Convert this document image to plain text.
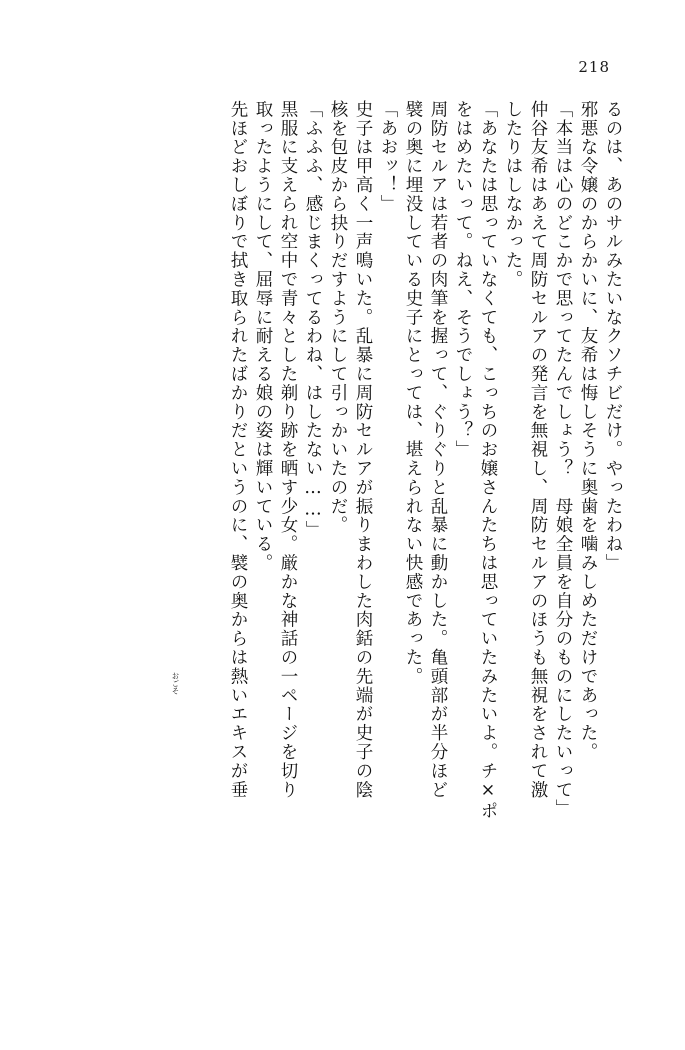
218
るのは、あのサルみたいなクソチビだけ。やったわね」
邪悪な令嬢のからかいに、友希は悔しそうに奥歯を噛みしめただけであった。
「本当は心のどこかで思ってたんでしょう？　母娘全員を自分のものにしたいって」
仲谷友希はあえて周防セルアの発言を無視し、周防セルアのほうも無視をされて激
したりはしなかった。
「あなたは思っていなくても、こっちのお嬢さんたちは思っていたみたいよ。チ×ポ
をはめたいって。ねえ、そうでしょう？」
周防セルアは若者の肉筆を握って、ぐりぐりと乱暴に動かした。亀頭部が半分ほど
襞の奥に埋没している史子にとっては、堪えられない快感であった。
「あおッ！」
史子は甲高く一声鳴いた。乱暴に周防セルアが振りまわした肉銛の先端が史子の陰
核を包皮から抉りだすようにして引っかいたのだ。
「ふふふ、感じまくってるわね、はしたない……」
黒服に支えられ空中で青々とした剃り跡を晒す少女。厳かな神話の一ページを切り
取ったようにして、屈辱に耐える娘の姿は輝いている。
先ほどおしぼりで拭き取られたばかりだというのに、襞の奥からは熱いエキスが垂
おごそ
